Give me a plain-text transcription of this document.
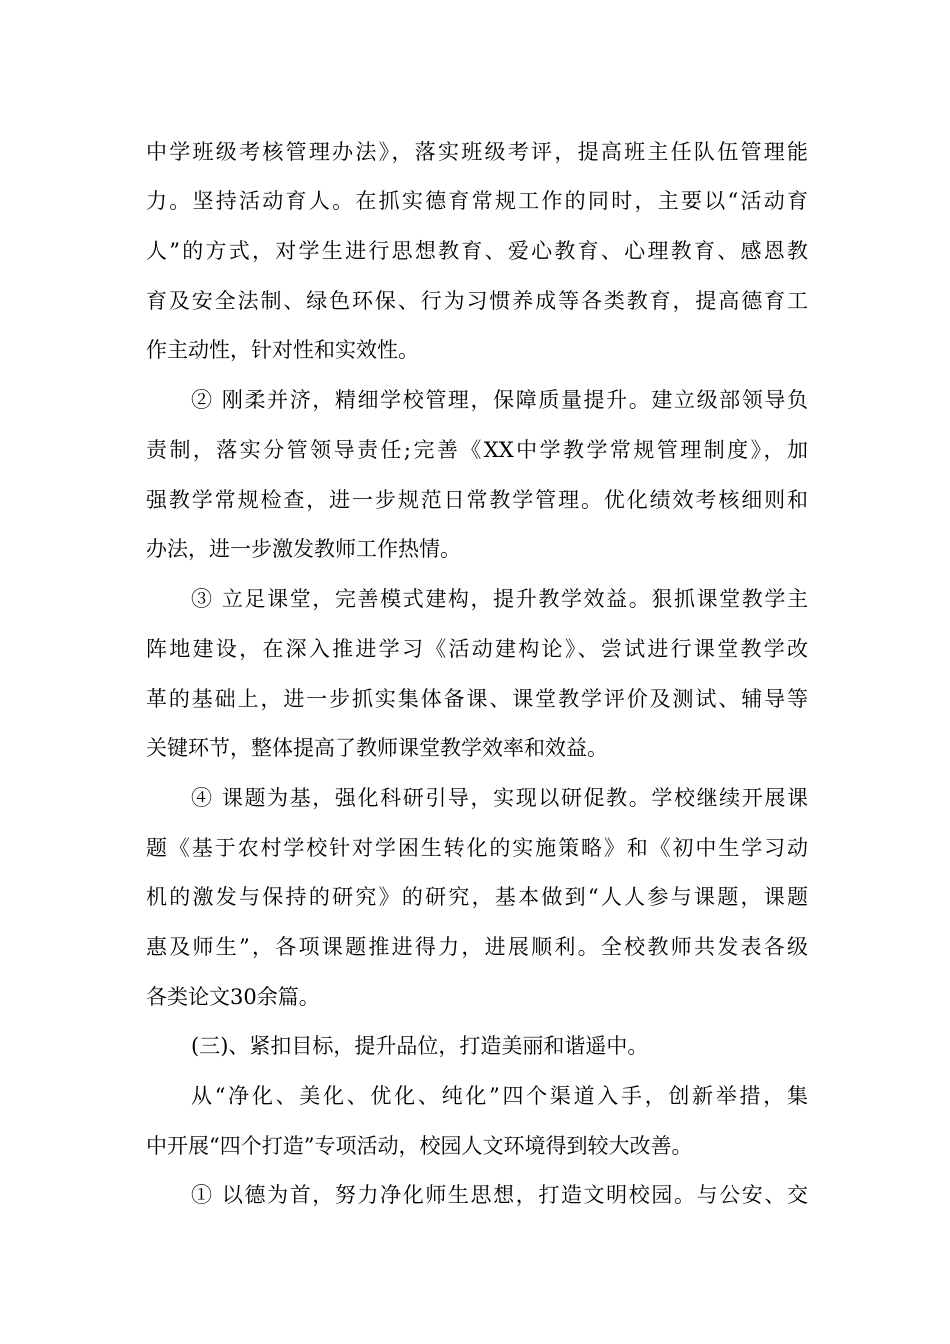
中学班级考核管理办法》，落实班级考评，提高班主任队伍管理能
力。坚持活动育人。在抓实德育常规工作的同时，主要以“活动育
人”的方式，对学生进行思想教育、爱心教育、心理教育、感恩教
育及安全法制、绿色环保、行为习惯养成等各类教育，提高德育工
作主动性，针对性和实效性。
② 刚柔并济，精细学校管理，保障质量提升。建立级部领导负
责制，落实分管领导责任;完善《XX中学教学常规管理制度》，加
强教学常规检查，进一步规范日常教学管理。优化绩效考核细则和
办法，进一步激发教师工作热情。
③ 立足课堂，完善模式建构，提升教学效益。狠抓课堂教学主
阵地建设，在深入推进学习《活动建构论》、尝试进行课堂教学改
革的基础上，进一步抓实集体备课、课堂教学评价及测试、辅导等
关键环节，整体提高了教师课堂教学效率和效益。
④ 课题为基，强化科研引导，实现以研促教。学校继续开展课
题《基于农村学校针对学困生转化的实施策略》和《初中生学习动
机的激发与保持的研究》的研究，基本做到“人人参与课题，课题
惠及师生”，各项课题推进得力，进展顺利。全校教师共发表各级
各类论文30余篇。
(三)、紧扣目标，提升品位，打造美丽和谐遥中。
从“净化、美化、优化、纯化”四个渠道入手，创新举措，集
中开展“四个打造”专项活动，校园人文环境得到较大改善。
① 以德为首，努力净化师生思想，打造文明校园。与公安、交
